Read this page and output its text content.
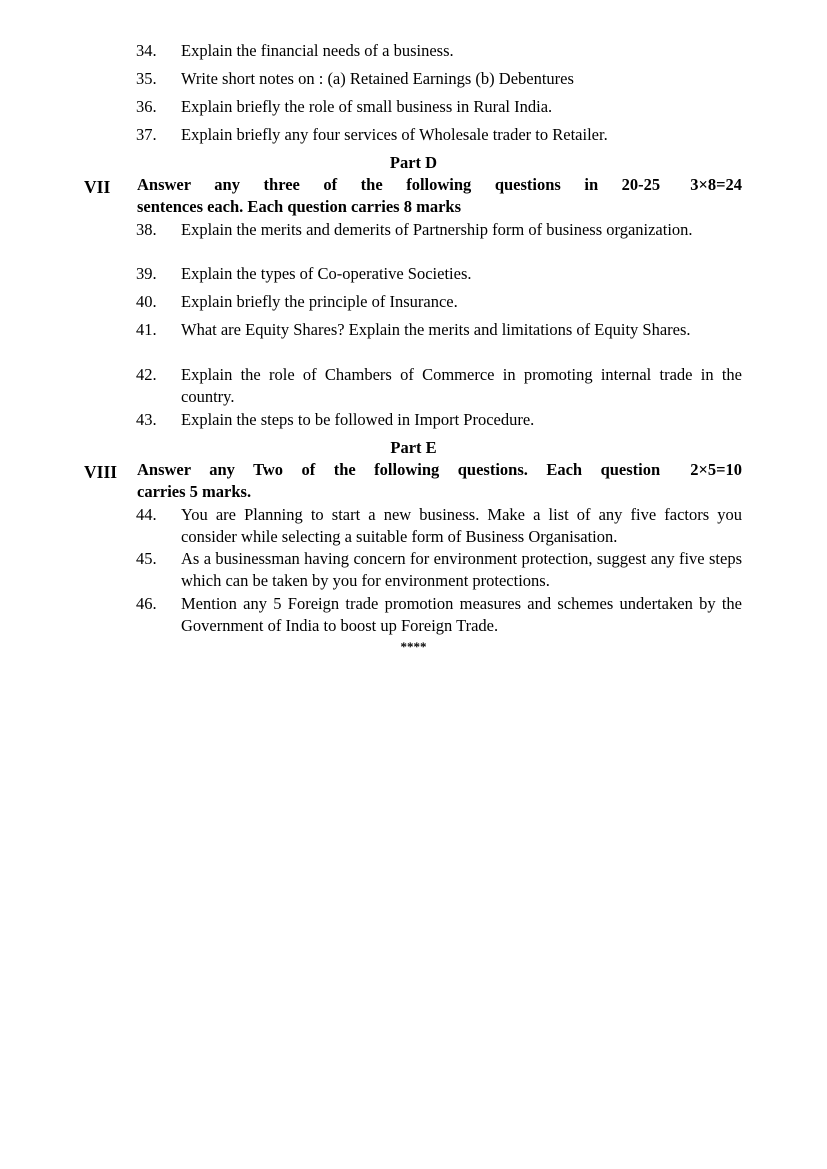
34.	Explain the financial needs of a business.
35.	Write short notes on : (a) Retained Earnings (b) Debentures
36.	Explain briefly the role of small business in Rural India.
37.	Explain briefly any four services of Wholesale trader to Retailer.
Part D
VII Answer any three of the following questions in 20-25	3×8=24
sentences each. Each question carries 8 marks
38.	Explain the merits and demerits of Partnership form of business organization.
39.	Explain the types of Co-operative Societies.
40.	Explain briefly the principle of Insurance.
41.	What are Equity Shares? Explain the merits and limitations of Equity Shares.
42.	Explain the role of Chambers of Commerce in promoting internal trade in the country.
43.	Explain the steps to be followed in Import Procedure.
Part E
VIII Answer any Two of the following questions. Each question	2×5=10
carries 5 marks.
44.	You are Planning to start a new business. Make a list of any five factors you consider while selecting a suitable form of Business Organisation.
45.	As a businessman having concern for environment protection, suggest any five steps which can be taken by you for environment protections.
46.	Mention any 5 Foreign trade promotion measures and schemes undertaken by the Government of India to boost up Foreign Trade.
****
